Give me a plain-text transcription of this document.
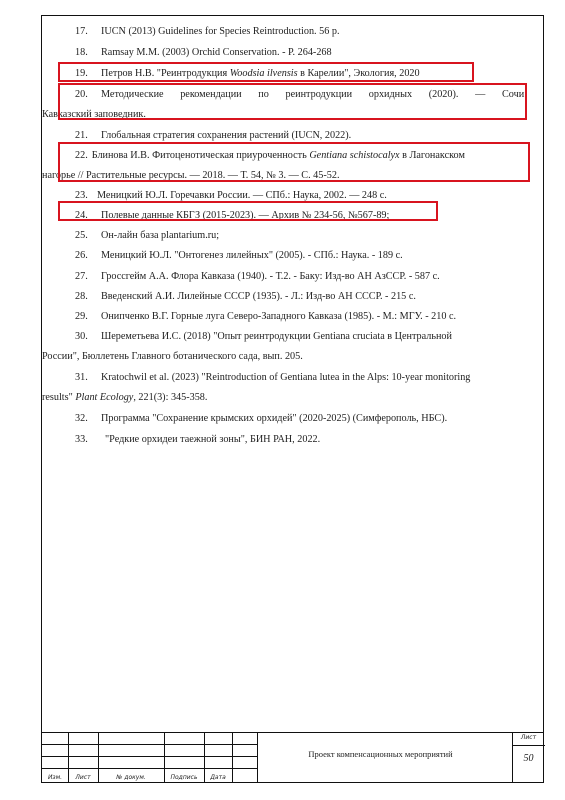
17. IUCN (2013) Guidelines for Species Reintroduction. 56 p.
18. Ramsay M.M. (2003) Orchid Conservation. - P. 264-268
19. Петров Н.В. "Реинтродукция Woodsia ilvensis в Карелии", Экология, 2020
20. Методические рекомендации по реинтродукции орхидных (2020). — Сочи:
Кавказский заповедник.
21. Глобальная стратегия сохранения растений (IUCN, 2022).
22. Блинова И.В. Фитоценотическая приуроченность Gentiana schistocalyx в Лагонакском
нагорье // Растительные ресурсы. — 2018. — Т. 54, № 3. — С. 45-52.
23. Меницкий Ю.Л. Горечавки России. — СПб.: Наука, 2002. — 248 с.
24. Полевые данные КБГЗ (2015-2023). — Архив № 234-56, №567-89;
25. Он-лайн база plantarium.ru;
26. Меницкий Ю.Л. "Онтогенез лилейных" (2005). - СПб.: Наука. - 189 с.
27. Гроссгейм А.А. Флора Кавказа (1940). - Т.2. - Баку: Изд-во АН АзССР. - 587 с.
28. Введенский А.И. Лилейные СССР (1935). - Л.: Изд-во АН СССР. - 215 с.
29. Онипченко В.Г. Горные луга Северо-Западного Кавказа (1985). - М.: МГУ. - 210 с.
30. Шереметьева И.С. (2018) "Опыт реинтродукции Gentiana cruciata в Центральной
России", Бюллетень Главного ботанического сада, вып. 205.
31. Kratochwil et al. (2023) "Reintroduction of Gentiana lutea in the Alps: 10-year monitoring
results" Plant Ecology, 221(3): 345-358.
32. Программа "Сохранение крымских орхидей" (2020-2025) (Симферополь, НБС).
33. "Редкие орхидеи таежной зоны", БИН РАН, 2022.
Изм.	Лист	№ докум.	Подпись	Дата
Проект компенсационных мероприятий
Лист
50
